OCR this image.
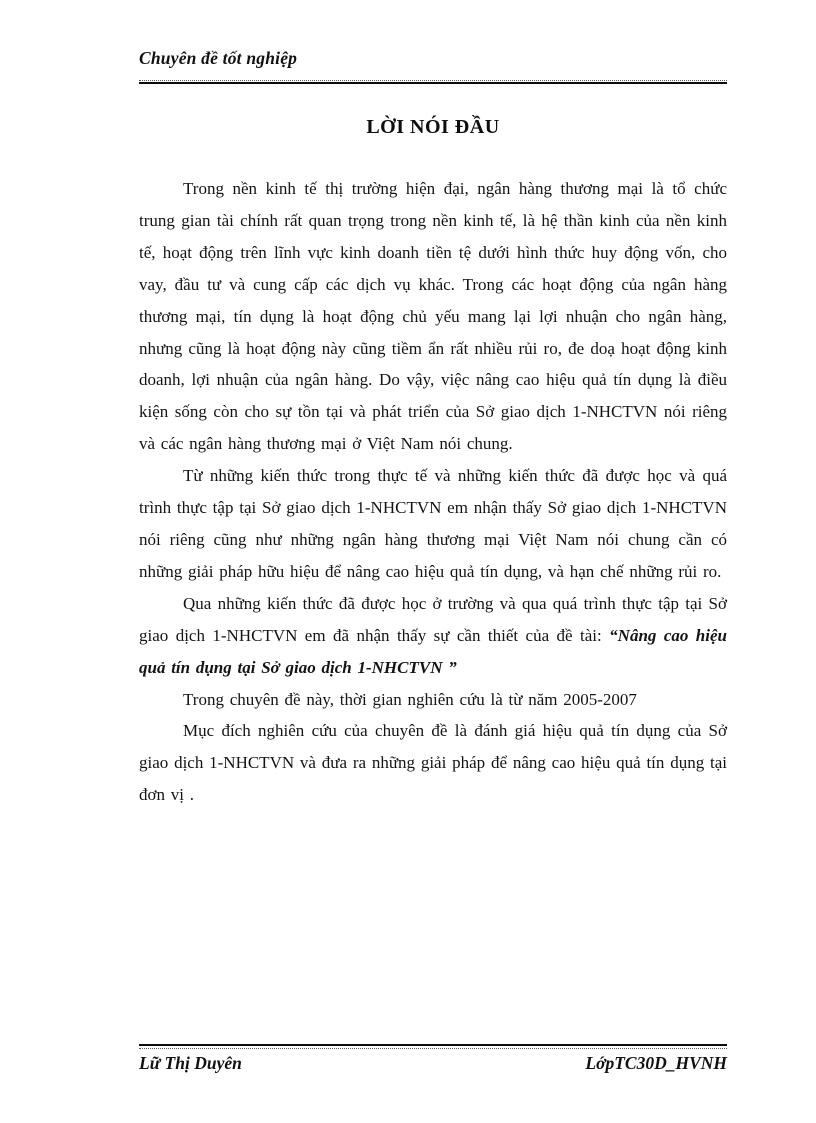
Chuyên đề tốt nghiệp
LỜI NÓI ĐẦU

Trong nền kinh tế thị trường hiện đại, ngân hàng thương mại là tổ chức trung gian tài chính rất quan trọng trong nền kinh tế, là hệ thần kinh của nền kinh tế, hoạt động trên lĩnh vực kinh doanh tiền tệ dưới hình thức huy động vốn, cho vay, đầu tư và cung cấp các dịch vụ khác. Trong các hoạt động của ngân hàng thương mại, tín dụng là hoạt động chủ yếu mang lại lợi nhuận cho ngân hàng, nhưng cũng là hoạt động này cũng tiềm ẩn rất nhiều rủi ro, đe doạ hoạt động kinh doanh, lợi nhuận của ngân hàng. Do vậy, việc nâng cao hiệu quả tín dụng là điều kiện sống còn cho sự tồn tại và phát triển của Sở giao dịch 1-NHCTVN nói riêng và các ngân hàng thương mại ở Việt Nam nói chung.

Từ những kiến thức trong thực tế và những kiến thức đã được học và quá trình thực tập tại Sở giao dịch 1-NHCTVN em nhận thấy Sở giao dịch 1-NHCTVN nói riêng cũng như những ngân hàng thương mại Việt Nam nói chung cần có những giải pháp hữu hiệu để nâng cao hiệu quả tín dụng, và hạn chế những rủi ro.

Qua những kiến thức đã được học ở trường và qua quá trình thực tập tại Sở giao dịch 1-NHCTVN em đã nhận thấy sự cần thiết của đề tài: “Nâng cao hiệu quả tín dụng tại Sở giao dịch 1-NHCTVN ”

Trong chuyên đề này, thời gian nghiên cứu là từ năm 2005-2007

Mục đích nghiên cứu của chuyên đề là đánh giá hiệu quả tín dụng của Sở giao dịch 1-NHCTVN và đưa ra những giải pháp để nâng cao hiệu quả tín dụng tại đơn vị .

Lữ Thị Duyên	LớpTC30D_HVNH
